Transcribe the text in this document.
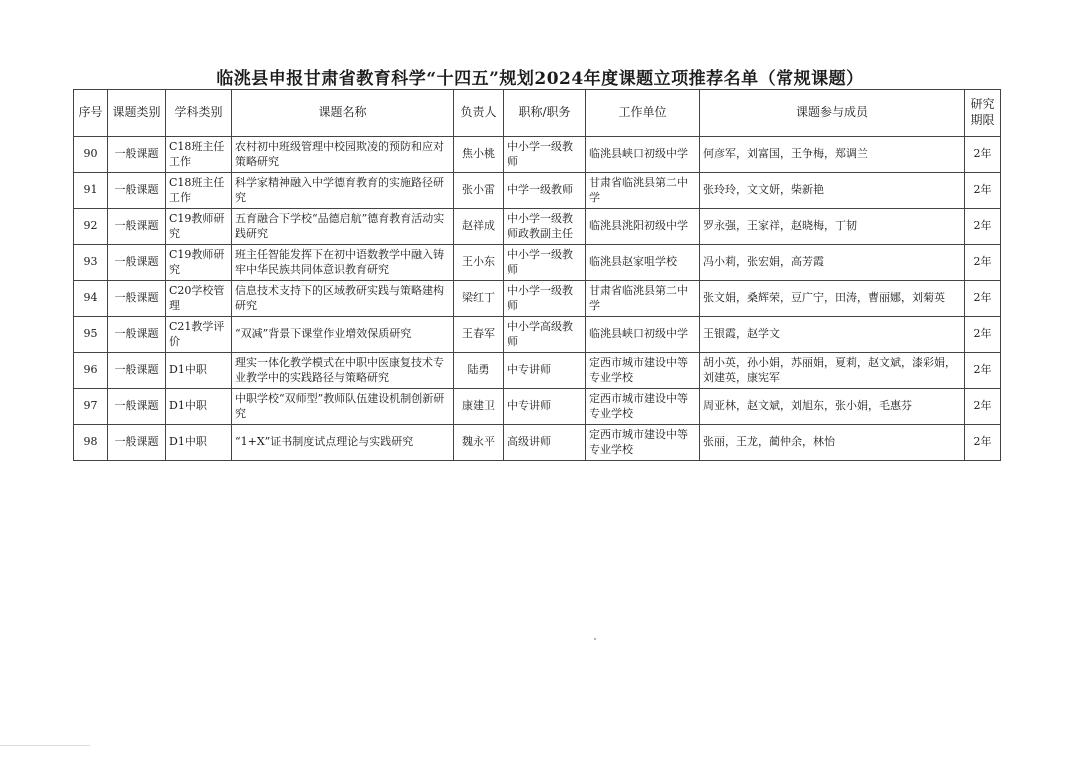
临洮县申报甘肃省教育科学“十四五”规划2024年度课题立项推荐名单（常规课题）
序号	课题类别	学科类别	课题名称	负责人	职称/职务	工作单位	课题参与成员	研究期限
90	一般课题	C18班主任工作	农村初中班级管理中校园欺凌的预防和应对策略研究	焦小桃	中小学一级教师	临洮县峡口初级中学	何彦军，刘富国，王争梅，郑调兰	2年
91	一般课题	C18班主任工作	科学家精神融入中学德育教育的实施路径研究	张小雷	中学一级教师	甘肃省临洮县第二中学	张玲玲，文文妍，柴新艳	2年
92	一般课题	C19教师研究	五育融合下学校“品德启航”德育教育活动实践研究	赵祥成	中小学一级教师政教副主任	临洮县洮阳初级中学	罗永强，王家祥，赵晓梅，丁韧	2年
93	一般课题	C19教师研究	班主任智能发挥下在初中语数教学中融入铸牢中华民族共同体意识教育研究	王小东	中小学一级教师	临洮县赵家咀学校	冯小莉，张宏娟，高芳霞	2年
94	一般课题	C20学校管理	信息技术支持下的区域教研实践与策略建构研究	梁红丁	中小学一级教师	甘肃省临洮县第二中学	张文娟，桑辉荣，豆广宁，田涛，曹丽娜，刘菊英	2年
95	一般课题	C21教学评价	“双减”背景下课堂作业增效保质研究	王春军	中小学高级教师	临洮县峡口初级中学	王银霞，赵学文	2年
96	一般课题	D1中职	理实一体化教学模式在中职中医康复技术专业教学中的实践路径与策略研究	陆勇	中专讲师	定西市城市建设中等专业学校	胡小英，孙小娟，苏丽娟，夏莉，赵文斌，漆彩娟，刘建英，康宪军	2年
97	一般课题	D1中职	中职学校“双师型”教师队伍建设机制创新研究	康建卫	中专讲师	定西市城市建设中等专业学校	周亚林，赵文斌，刘旭东，张小娟，毛惠芬	2年
98	一般课题	D1中职	“1+X”证书制度试点理论与实践研究	魏永平	高级讲师	定西市城市建设中等专业学校	张丽，王龙，蔺仲余，林怡	2年
